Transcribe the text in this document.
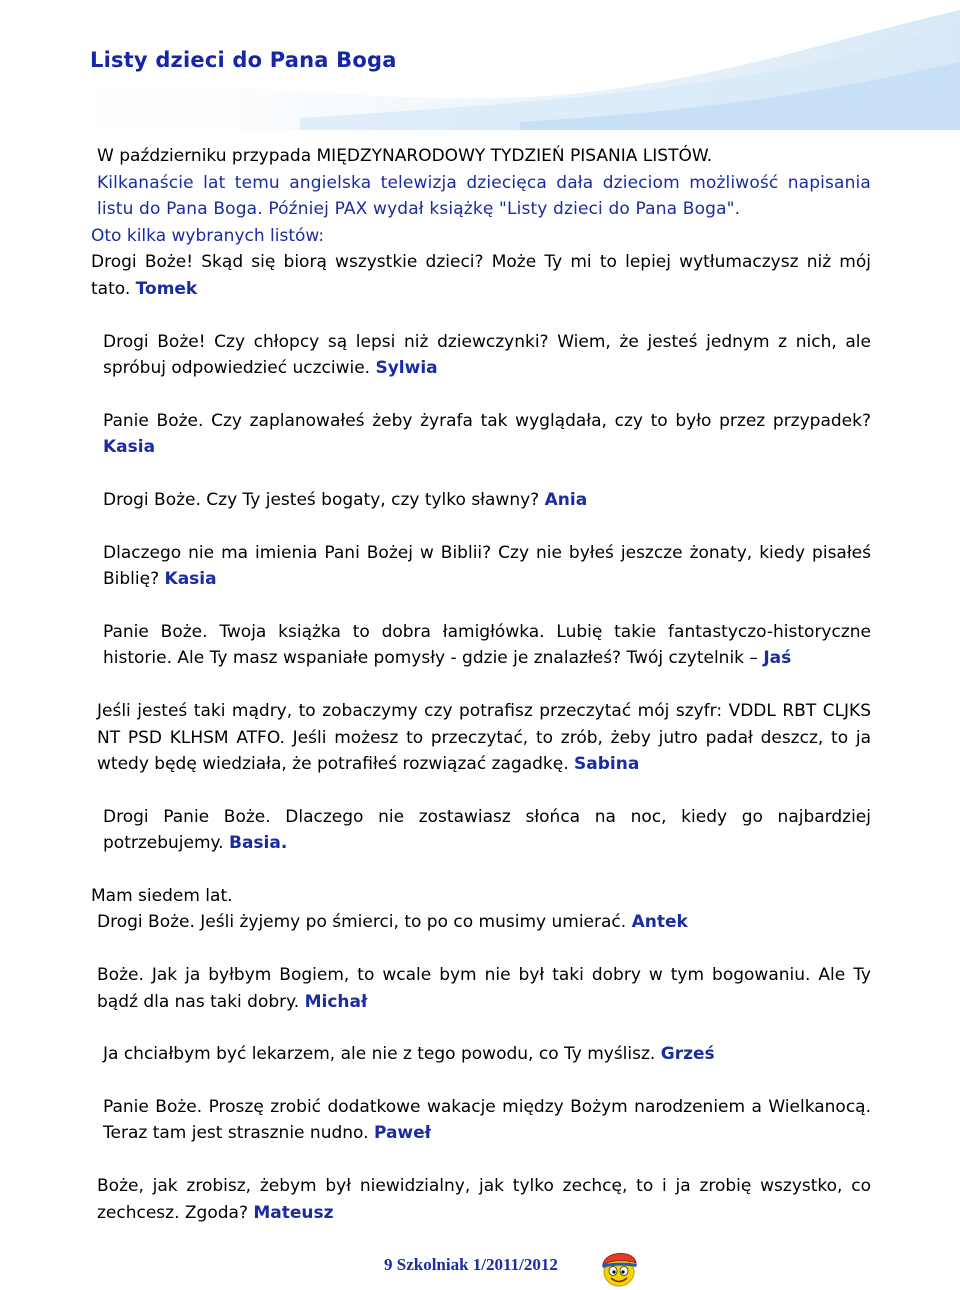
Listy dzieci do Pana Boga

W październiku przypada MIĘDZYNARODOWY TYDZIEŃ PISANIA LISTÓW.

Kilkanaście lat temu angielska telewizja dziecięca dała dzieciom możliwość napisania listu do Pana Boga. Później PAX wydał książkę "Listy dzieci do Pana Boga".

Oto kilka wybranych listów:

Drogi Boże! Skąd się biorą wszystkie dzieci? Może Ty mi to lepiej wytłumaczysz niż mój tato. Tomek

Drogi Boże! Czy chłopcy są lepsi niż dziewczynki? Wiem, że jesteś jednym z nich, ale spróbuj odpowiedzieć uczciwie. Sylwia

Panie Boże. Czy zaplanowałeś żeby żyrafa tak wyglądała, czy to było przez przypadek? Kasia

Drogi Boże. Czy Ty jesteś bogaty, czy tylko sławny? Ania

Dlaczego nie ma imienia Pani Bożej w Biblii? Czy nie byłeś jeszcze żonaty, kiedy pisałeś Biblię? Kasia

Panie Boże. Twoja książka to dobra łamigłówka. Lubię takie fantastyczo-historyczne historie. Ale Ty masz wspaniałe pomysły - gdzie je znalazłeś? Twój czytelnik – Jaś

Jeśli jesteś taki mądry, to zobaczymy czy potrafisz przeczytać mój szyfr: VDDL RBT CLJKS NT PSD KLHSM ATFO. Jeśli możesz to przeczytać, to zrób, żeby jutro padał deszcz, to ja wtedy będę wiedziała, że potrafiłeś rozwiązać zagadkę. Sabina

Drogi Panie Boże. Dlaczego nie zostawiasz słońca na noc, kiedy go najbardziej potrzebujemy. Basia.

Mam siedem lat.

Drogi Boże. Jeśli żyjemy po śmierci, to po co musimy umierać. Antek

Boże. Jak ja byłbym Bogiem, to wcale bym nie był taki dobry w tym bogowaniu. Ale Ty bądź dla nas taki dobry. Michał

Ja chciałbym być lekarzem, ale nie z tego powodu, co Ty myślisz. Grześ

Panie Boże. Proszę zrobić dodatkowe wakacje między Bożym narodzeniem a Wielkanocą. Teraz tam jest strasznie nudno. Paweł

Boże, jak zrobisz, żebym był niewidzialny, jak tylko zechcę, to i ja zrobię wszystko, co zechcesz. Zgoda? Mateusz

9 Szkolniak 1/2011/2012
